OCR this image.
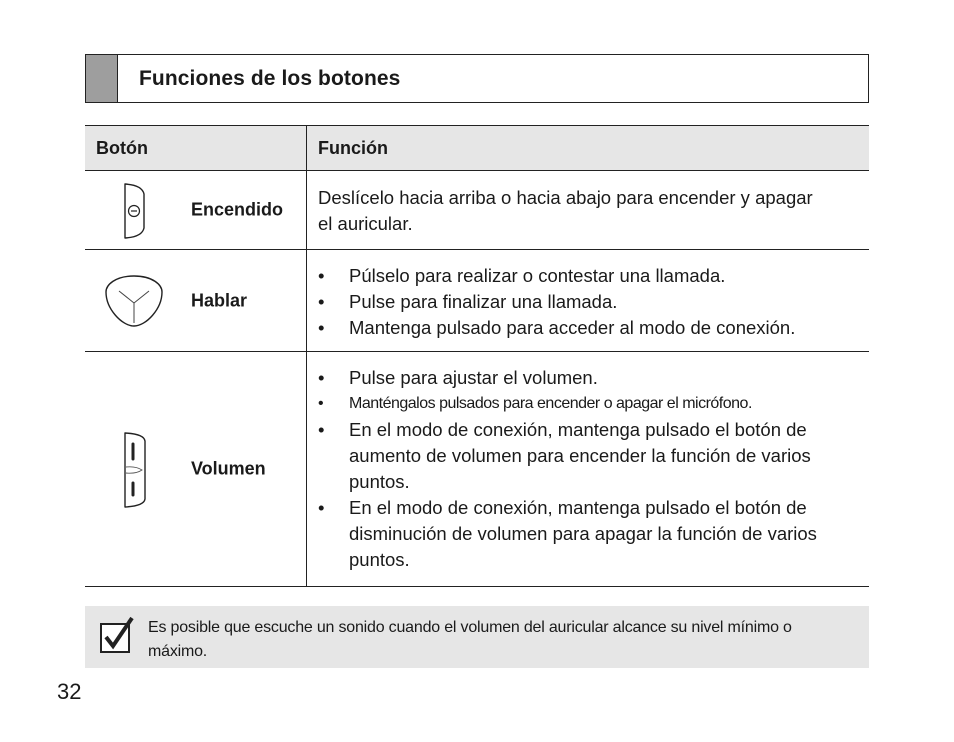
Funciones de los botones
Botón	Función
Encendido
Deslícelo hacia arriba o hacia abajo para encender y apagar el auricular.
Hablar
• Púlselo para realizar o contestar una llamada.
• Pulse para finalizar una llamada.
• Mantenga pulsado para acceder al modo de conexión.
Volumen
• Pulse para ajustar el volumen.
• Manténgalos pulsados para encender o apagar el micrófono.
• En el modo de conexión, mantenga pulsado el botón de aumento de volumen para encender la función de varios puntos.
• En el modo de conexión, mantenga pulsado el botón de disminución de volumen para apagar la función de varios puntos.
Es posible que escuche un sonido cuando el volumen del auricular alcance su nivel mínimo o máximo.
32
